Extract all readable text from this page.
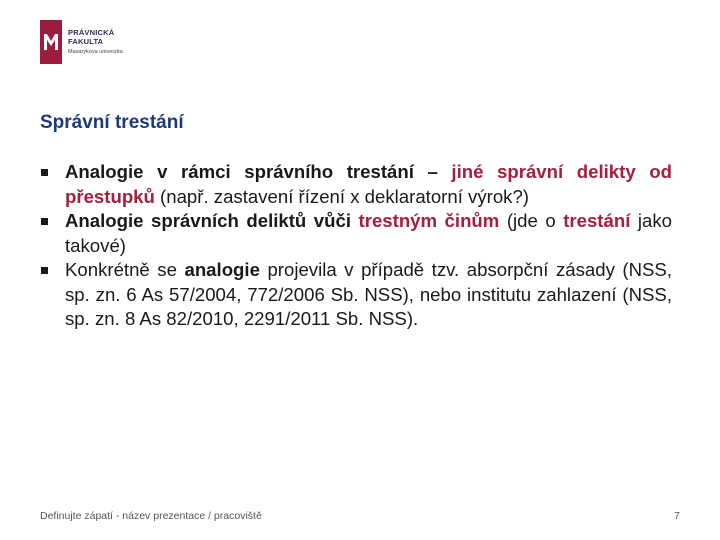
PRÁVNICKÁ
FAKULTA
Masarykova univerzita
Správní trestání
Analogie v rámci správního trestání – jiné správní delikty od přestupků (např. zastavení řízení x deklaratorní výrok?)
Analogie správních deliktů vůči trestným činům (jde o trestání jako takové)
Konkrétně se analogie projevila v případě tzv. absorpční zásady (NSS, sp. zn. 6 As 57/2004, 772/2006 Sb. NSS), nebo institutu zahlazení (NSS, sp. zn. 8 As 82/2010, 2291/2011 Sb. NSS).
Definujte zápatí - název prezentace / pracoviště	7
